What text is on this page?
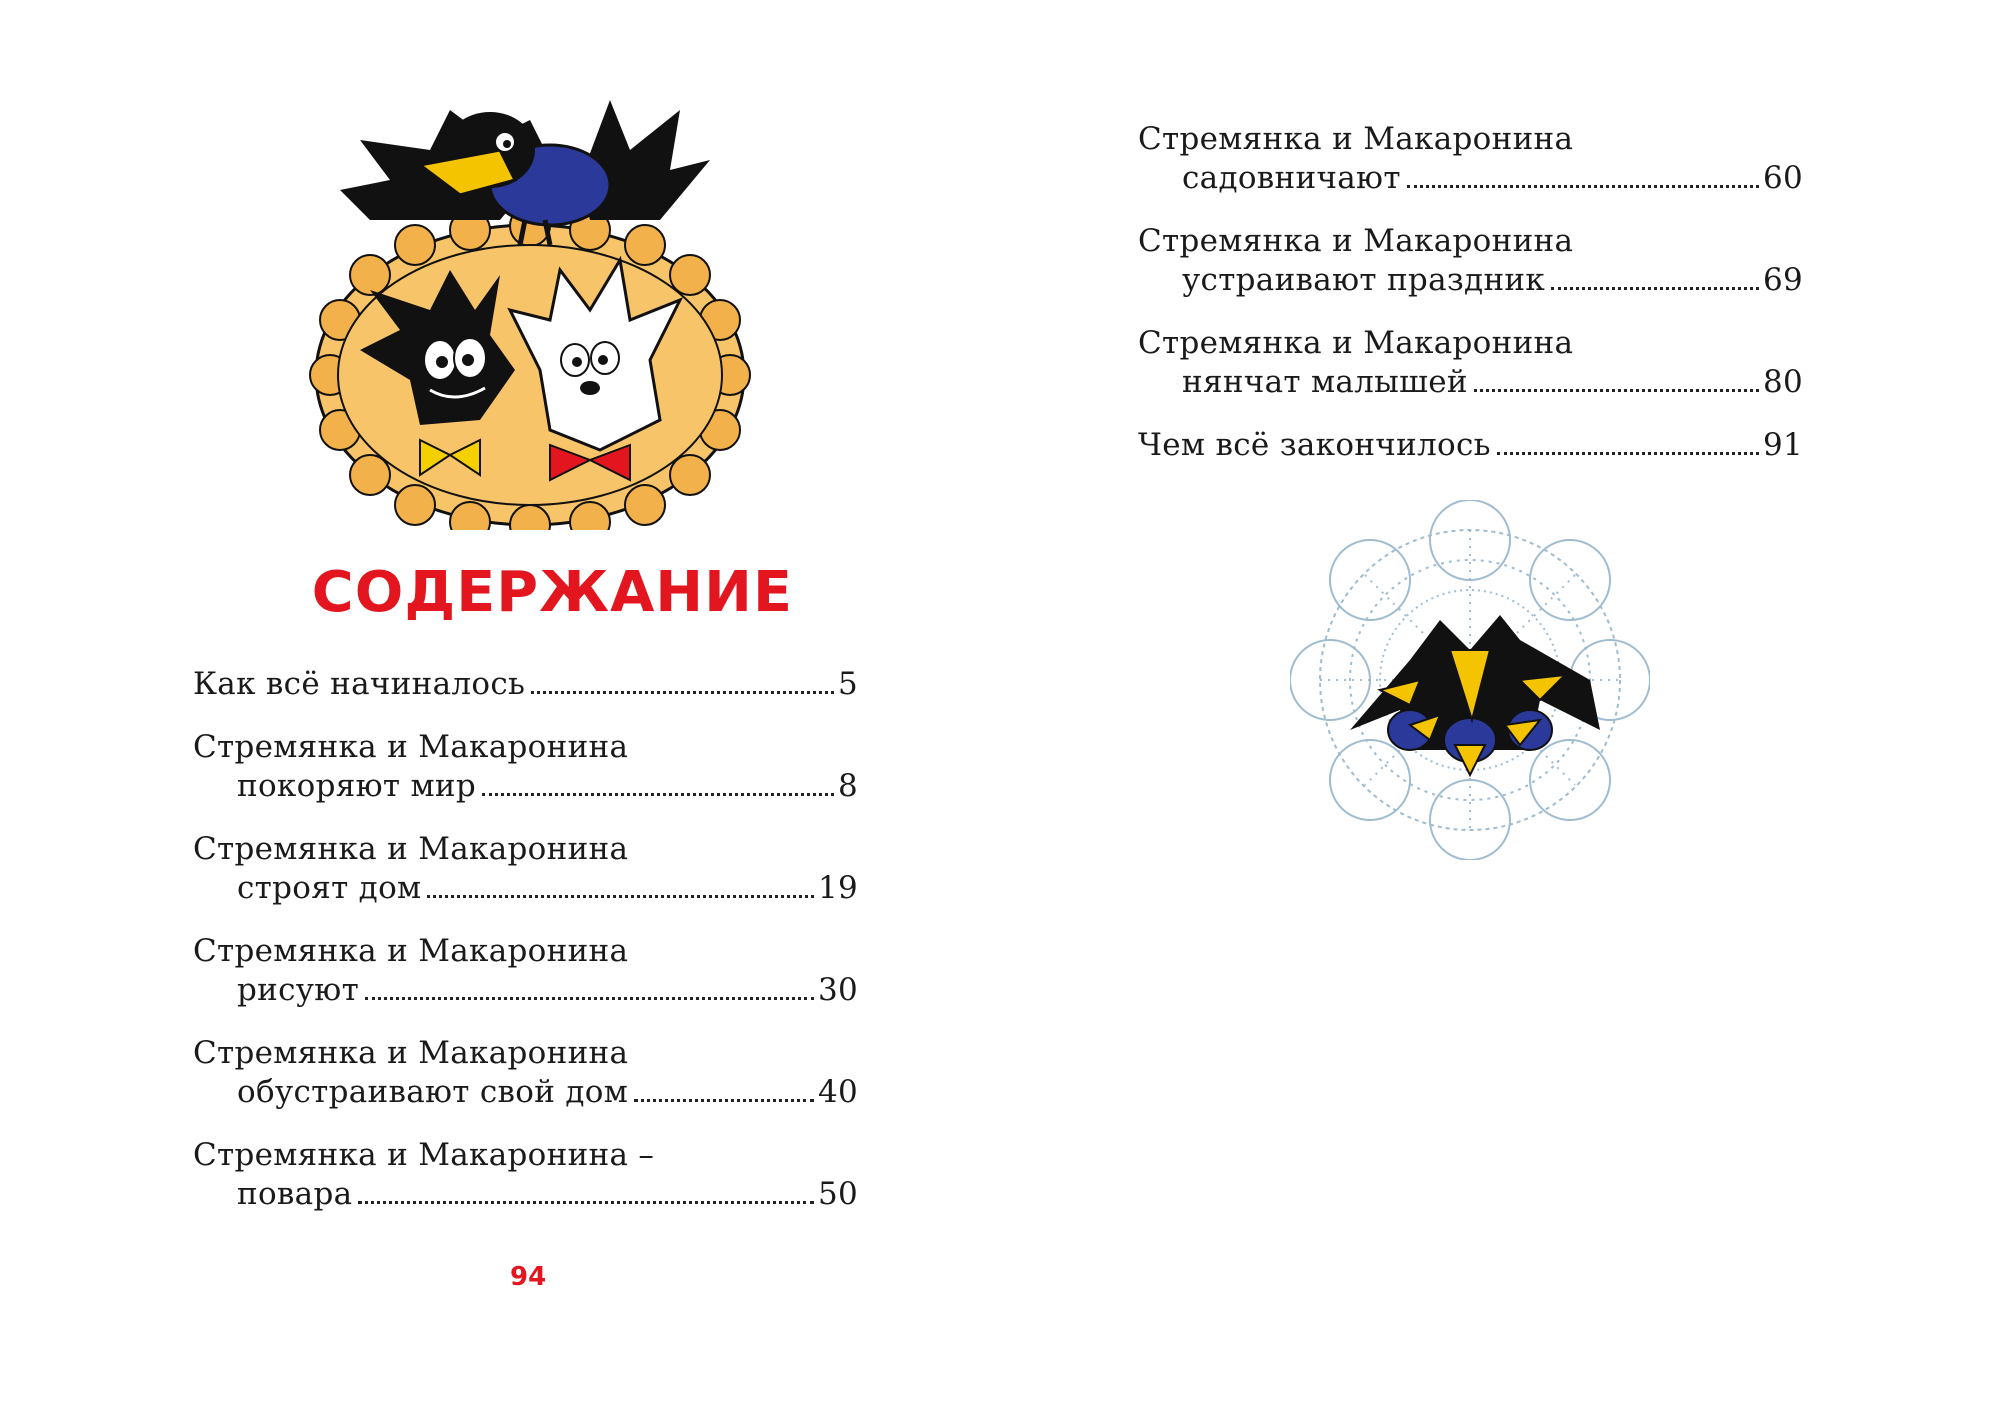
СОДЕРЖАНИЕ
Как всё начиналось	5
Стремянка и Макаронина
покоряют мир	8
Стремянка и Макаронина
строят дом	19
Стремянка и Макаронина
рисуют	30
Стремянка и Макаронина
обустраивают свой дом	40
Стремянка и Макаронина –
повара	50
94
Стремянка и Макаронина
садовничают	60
Стремянка и Макаронина
устраивают праздник	69
Стремянка и Макаронина
нянчат малышей	80
Чем всё закончилось	91
